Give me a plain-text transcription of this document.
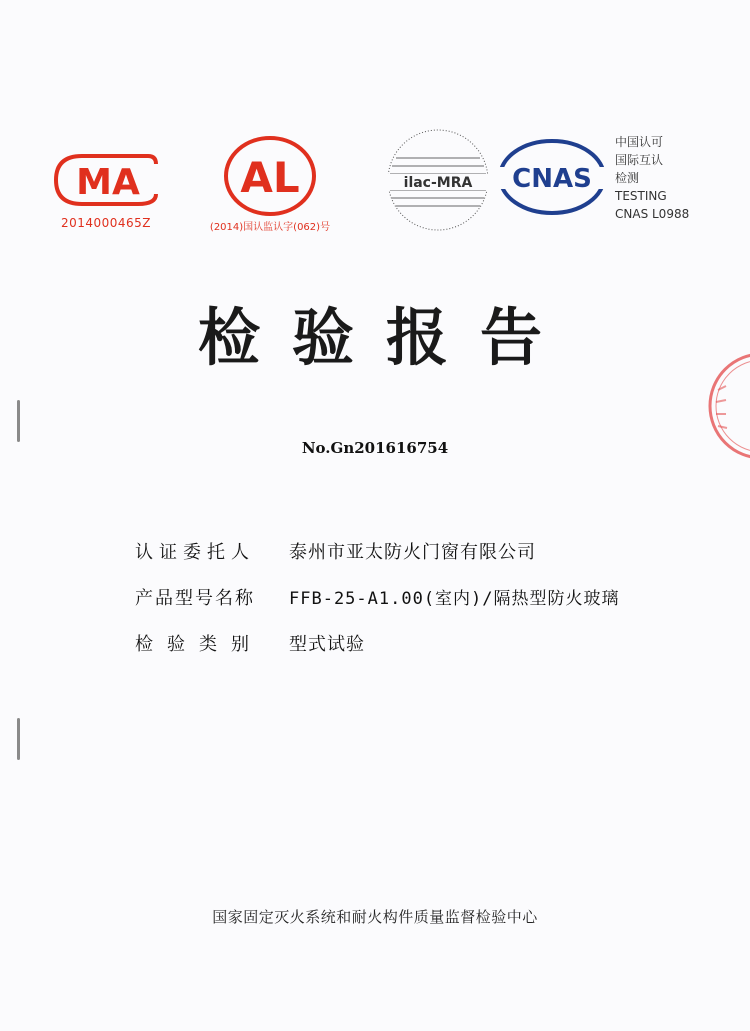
MA
2014000465Z
AL
(2014)国认监认字(062)号
ilac-MRA CNAS
中国认可
国际互认
检测
TESTING
CNAS L0988
检验报告
No.Gn201616754
认证委托人	泰州市亚太防火门窗有限公司
产品型号名称	FFB-25-A1.00(室内)/隔热型防火玻璃
检验类别	型式试验
国家固定灭火系统和耐火构件质量监督检验中心
